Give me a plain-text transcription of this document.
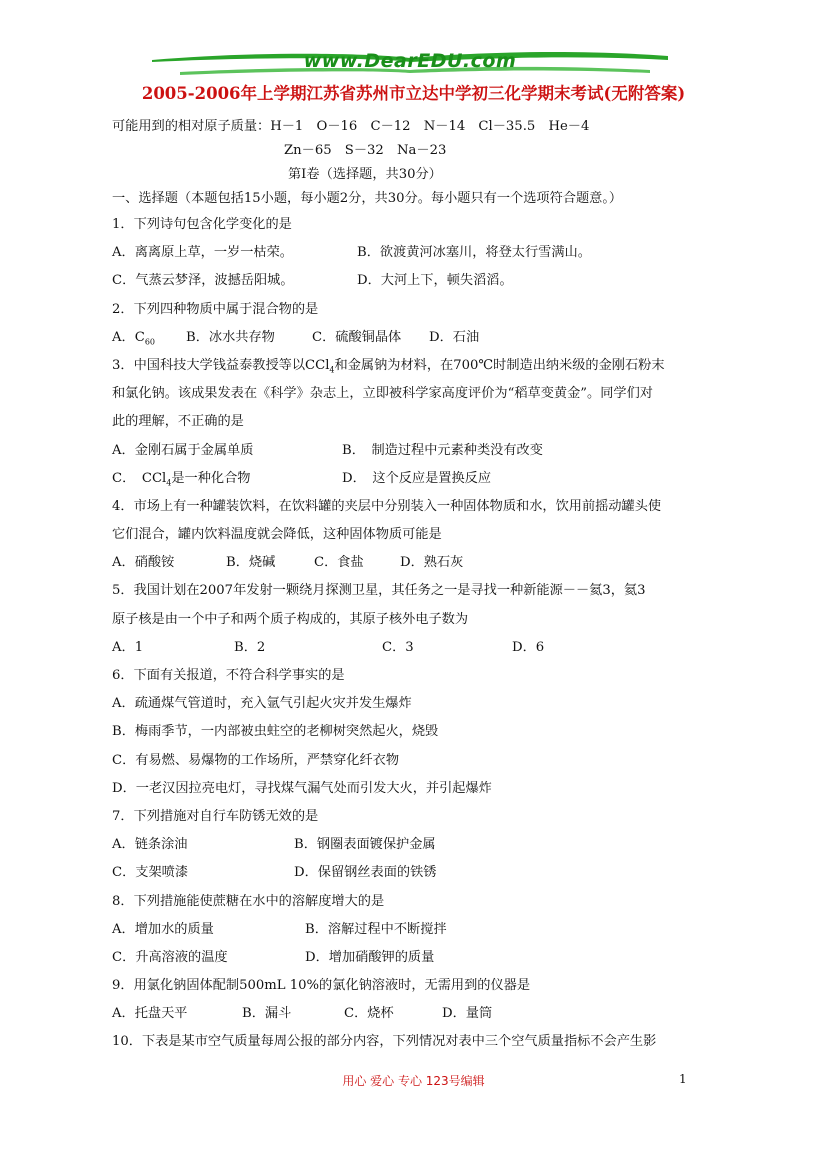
www.DearEDU.com
2005-2006年上学期江苏省苏州市立达中学初三化学期末考试(无附答案)
可能用到的相对原子质量：H－1　O－16　C－12　N－14　Cl－35.5　He－4
Zn－65　S－32　Na－23
第Ⅰ卷（选择题，共30分）
一、选择题（本题包括15小题，每小题2分，共30分。每小题只有一个选项符合题意。）
1．下列诗句包含化学变化的是
A．离离原上草，一岁一枯荣。	B．欲渡黄河冰塞川，将登太行雪满山。
C．气蒸云梦泽，波撼岳阳城。	D．大河上下，顿失滔滔。
2．下列四种物质中属于混合物的是
A．$C_{60}$ B．冰水共存物	C．硫酸铜晶体 D．石油
3．中国科技大学钱益泰教授等以CCl$_4$和金属钠为材料，在700℃时制造出纳米级的金刚石粉末
和氯化钠。该成果发表在《科学》杂志上，立即被科学家高度评价为“稻草变黄金”。同学们对
此的理解，不正确的是
A．金刚石属于金属单质	B．　制造过程中元素种类没有改变
C．　CCl$_4$是一种化合物	D．　这个反应是置换反应
4．市场上有一种罐装饮料，在饮料罐的夹层中分别装入一种固体物质和水，饮用前摇动罐头使
它们混合，罐内饮料温度就会降低，这种固体物质可能是
A．硝酸铵	B．烧碱	C．食盐	D．熟石灰
5．我国计划在2007年发射一颗绕月探测卫星，其任务之一是寻找一种新能源－－氦3，氦3
原子核是由一个中子和两个质子构成的，其原子核外电子数为
A．1	B．2	C．3	D．6
6．下面有关报道，不符合科学事实的是
A．疏通煤气管道时，充入氩气引起火灾并发生爆炸
B．梅雨季节，一内部被虫蛀空的老柳树突然起火，烧毁
C．有易燃、易爆物的工作场所，严禁穿化纤衣物
D．一老汉因拉亮电灯，寻找煤气漏气处而引发大火，并引起爆炸
7．下列措施对自行车防锈无效的是
A．链条涂油	B．钢圈表面镀保护金属
C．支架喷漆	D．保留钢丝表面的铁锈
8．下列措施能使蔗糖在水中的溶解度增大的是
A．增加水的质量	B．溶解过程中不断搅拌
C．升高溶液的温度	D．增加硝酸钾的质量
9．用氯化钠固体配制500mL 10%的氯化钠溶液时，无需用到的仪器是
A．托盘天平	B．漏斗	C．烧杯	D．量筒
10．下表是某市空气质量每周公报的部分内容，下列情况对表中三个空气质量指标不会产生影
用心 爱心 专心 123号编辑	1
